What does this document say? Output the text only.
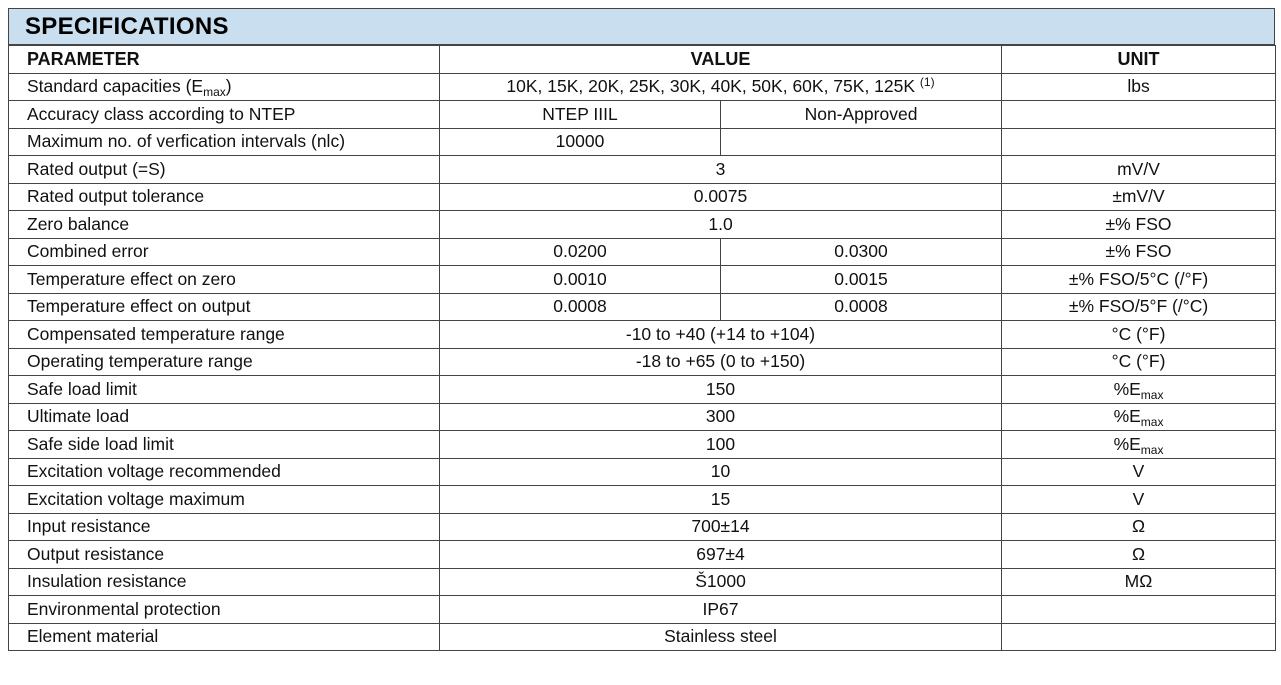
SPECIFICATIONS
PARAMETER	VALUE		UNIT
Standard capacities $(E_{max})$	10K, 15K, 20K, 25K, 30K, 40K, 50K, 60K, 75K, 125K $^{(1)}$		lbs
Accuracy class according to NTEP	NTEP IIIL	Non-Approved	
Maximum no. of verfication intervals (nlc)	10000		
Rated output (=S)	3		mV/V
Rated output tolerance	0.0075		±mV/V
Zero balance	1.0		±% FSO
Combined error	0.0200	0.0300	±% FSO
Temperature effect on zero	0.0010	0.0015	±% FSO/5°C (/°F)
Temperature effect on output	0.0008	0.0008	±% FSO/5°F (/°C)
Compensated temperature range	-10 to +40 (+14 to +104)		°C (°F)
Operating temperature range	-18 to +65 (0 to +150)		°C (°F)
Safe load limit	150		$\%E_{max}$
Ultimate load	300		$\%E_{max}$
Safe side load limit	100		$\%E_{max}$
Excitation voltage recommended	10		V
Excitation voltage maximum	15		V
Input resistance	700±14		Ω
Output resistance	697±4		Ω
Insulation resistance	Š1000		MΩ
Environmental protection	IP67		
Element material	Stainless steel		
